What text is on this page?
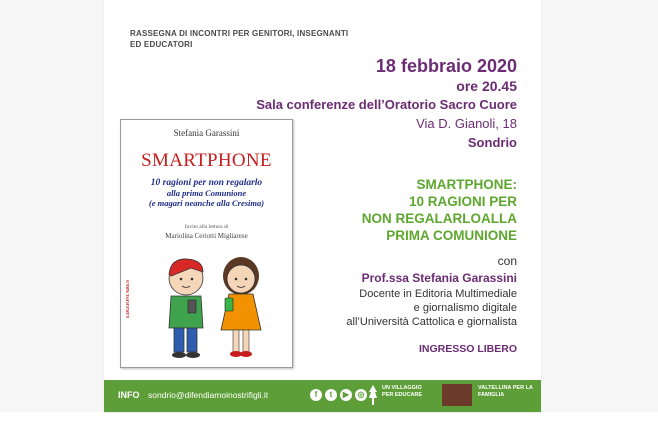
RASSEGNA DI INCONTRI PER GENITORI, INSEGNANTI ED EDUCATORI
18 febbraio 2020
ore 20.45
Sala conferenze dell’Oratorio Sacro Cuore
Via D. Gianoli, 18
Sondrio
SMARTPHONE:
10 RAGIONI PER
NON REGALARLOALLA
PRIMA COMUNIONE
con
Prof.ssa Stefania Garassini
Docente in Editoria Multimediale
e giornalismo digitale
all’Università Cattolica e giornalista
INGRESSO LIBERO
Stefania Garassini
SMARTPHONE
10 ragioni per non regalarlo
alla prima Comunione
(e magari neanche alla Cresima)
Invito alla lettura di
Mariolina Ceriotti Migliarese
EDIZIONI ARES
INFO sondrio@difendiamoinostrifigli.it	f	t	▶	◎
UN VILLAGGIO PER EDUCARE
VALTELLINA PER LA FAMIGLIA
